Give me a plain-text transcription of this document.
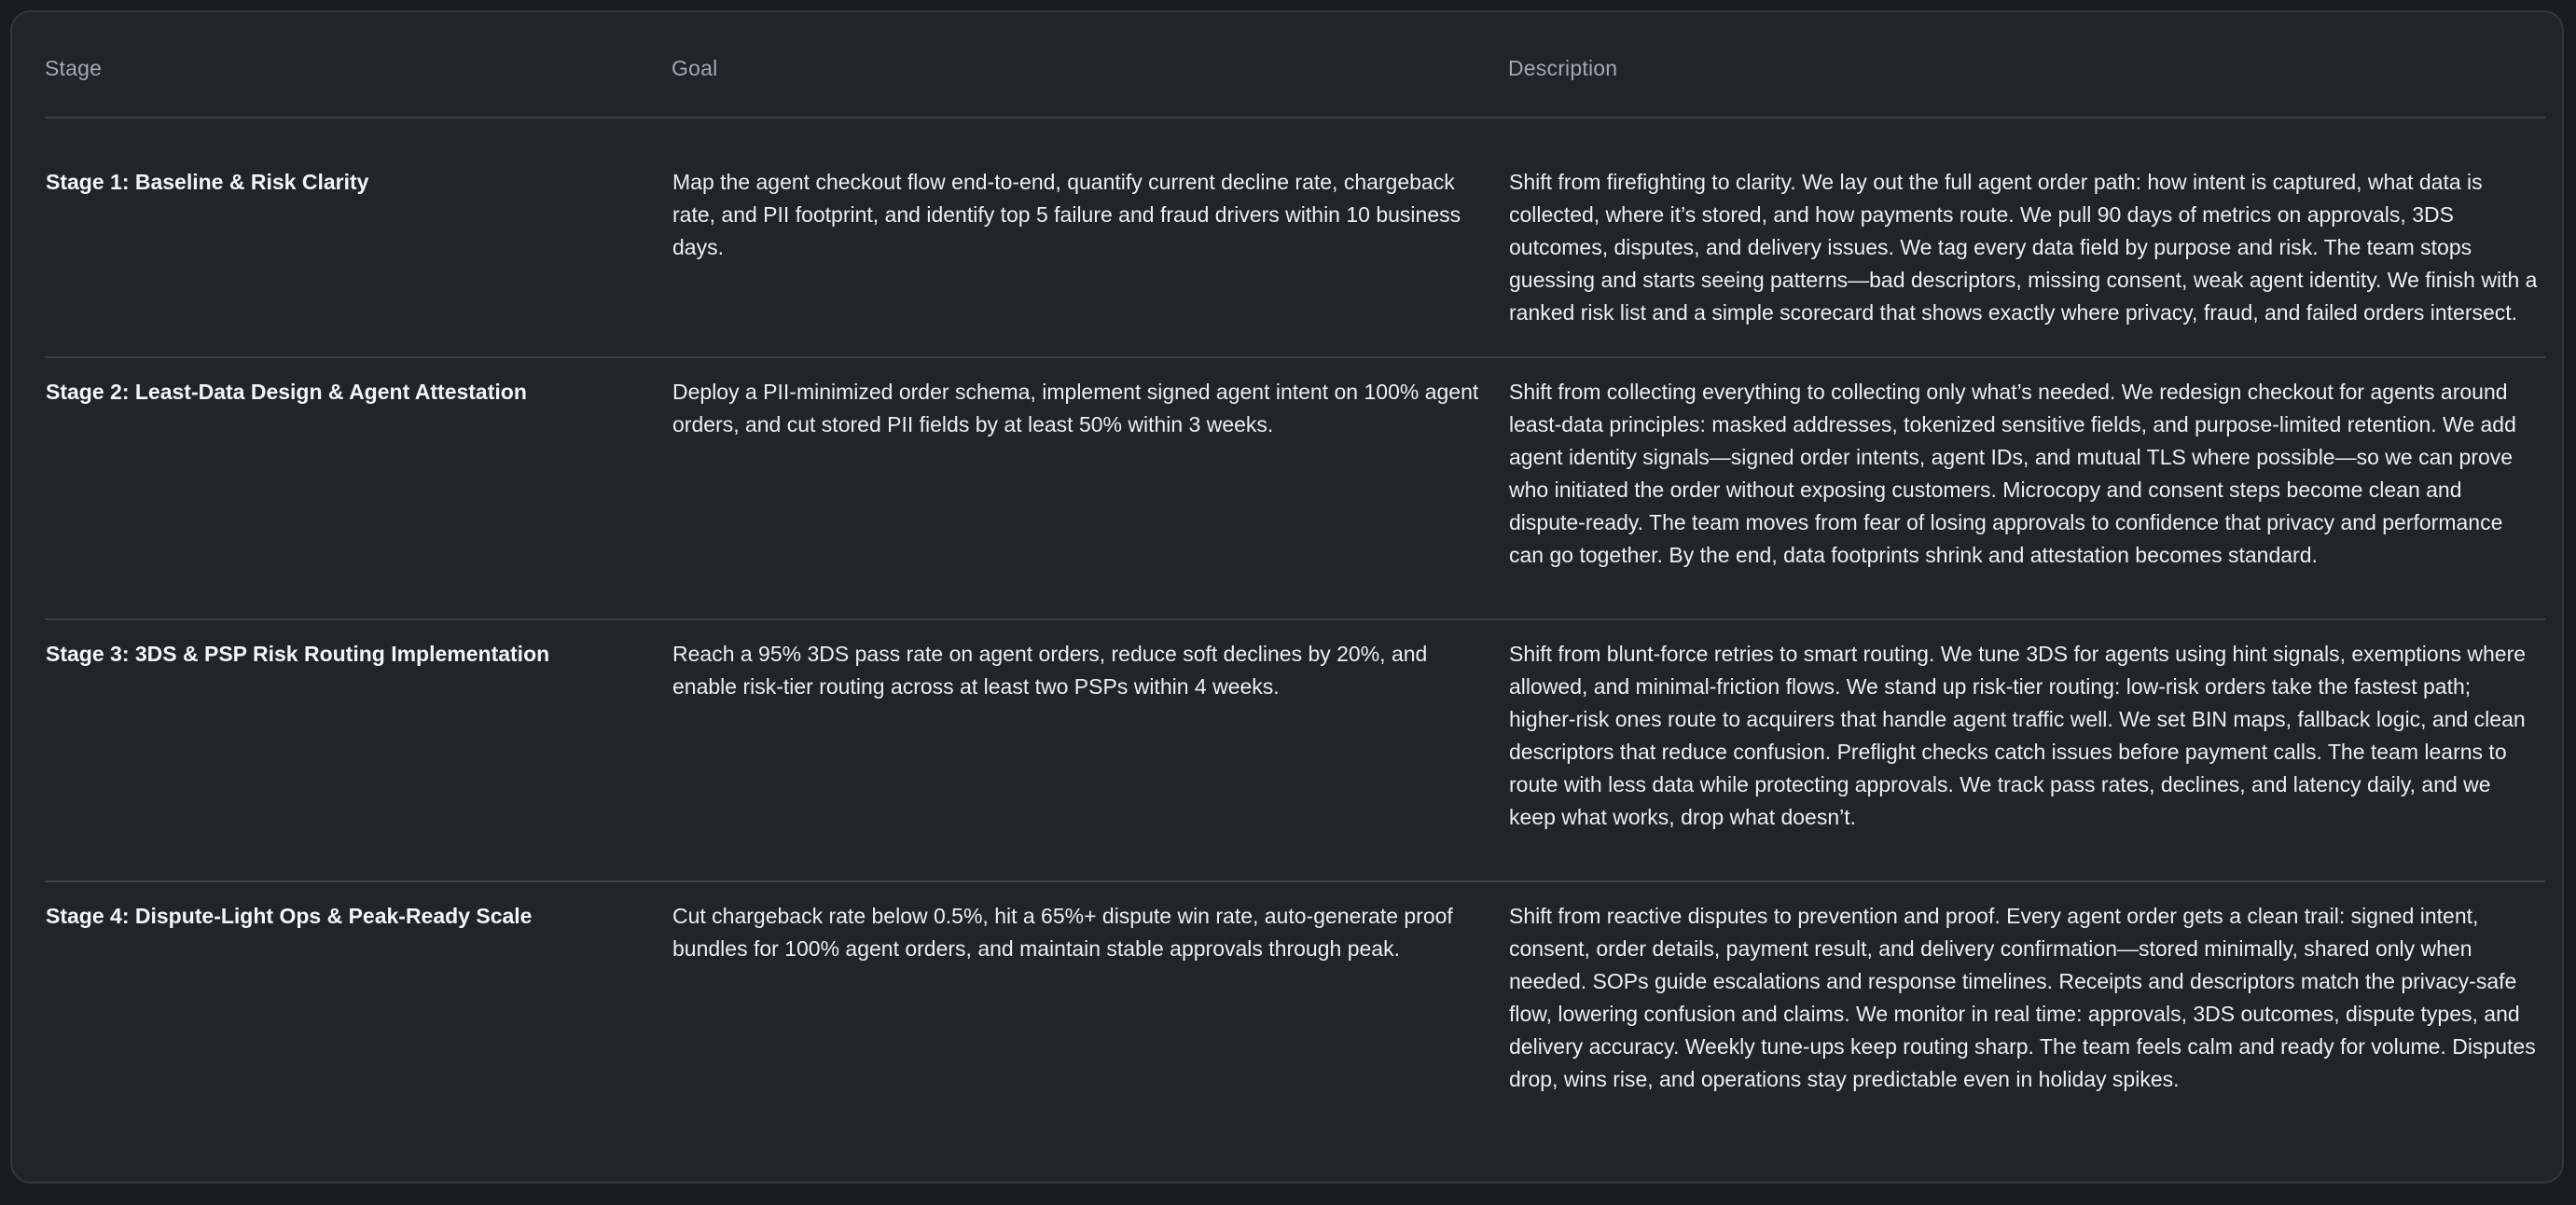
Stage	Goal	Description
Stage 1: Baseline & Risk Clarity	Map the agent checkout flow end-to-end, quantify current decline rate, chargeback rate, and PII footprint, and identify top 5 failure and fraud drivers within 10 business days.	Shift from firefighting to clarity. We lay out the full agent order path: how intent is captured, what data is collected, where it’s stored, and how payments route. We pull 90 days of metrics on approvals, 3DS outcomes, disputes, and delivery issues. We tag every data field by purpose and risk. The team stops guessing and starts seeing patterns—bad descriptors, missing consent, weak agent identity. We finish with a ranked risk list and a simple scorecard that shows exactly where privacy, fraud, and failed orders intersect.
Stage 2: Least-Data Design & Agent Attestation	Deploy a PII-minimized order schema, implement signed agent intent on 100% agent orders, and cut stored PII fields by at least 50% within 3 weeks.	Shift from collecting everything to collecting only what’s needed. We redesign checkout for agents around least-data principles: masked addresses, tokenized sensitive fields, and purpose-limited retention. We add agent identity signals—signed order intents, agent IDs, and mutual TLS where possible—so we can prove who initiated the order without exposing customers. Microcopy and consent steps become clean and dispute-ready. The team moves from fear of losing approvals to confidence that privacy and performance can go together. By the end, data footprints shrink and attestation becomes standard.
Stage 3: 3DS & PSP Risk Routing Implementation	Reach a 95% 3DS pass rate on agent orders, reduce soft declines by 20%, and enable risk-tier routing across at least two PSPs within 4 weeks.	Shift from blunt-force retries to smart routing. We tune 3DS for agents using hint signals, exemptions where allowed, and minimal-friction flows. We stand up risk-tier routing: low-risk orders take the fastest path; higher-risk ones route to acquirers that handle agent traffic well. We set BIN maps, fallback logic, and clean descriptors that reduce confusion. Preflight checks catch issues before payment calls. The team learns to route with less data while protecting approvals. We track pass rates, declines, and latency daily, and we keep what works, drop what doesn’t.
Stage 4: Dispute-Light Ops & Peak-Ready Scale	Cut chargeback rate below 0.5%, hit a 65%+ dispute win rate, auto-generate proof bundles for 100% agent orders, and maintain stable approvals through peak.	Shift from reactive disputes to prevention and proof. Every agent order gets a clean trail: signed intent, consent, order details, payment result, and delivery confirmation—stored minimally, shared only when needed. SOPs guide escalations and response timelines. Receipts and descriptors match the privacy-safe flow, lowering confusion and claims. We monitor in real time: approvals, 3DS outcomes, dispute types, and delivery accuracy. Weekly tune-ups keep routing sharp. The team feels calm and ready for volume. Disputes drop, wins rise, and operations stay predictable even in holiday spikes.
